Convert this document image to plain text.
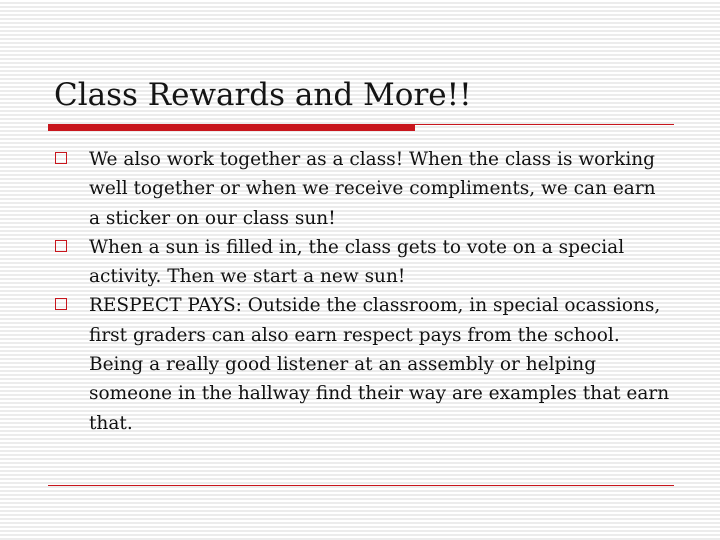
Class Rewards and More!!
We also work together as a class! When the class is working well together or when we receive compliments, we can earn a sticker on our class sun!
When a sun is filled in, the class gets to vote on a special activity. Then we start a new sun!
RESPECT PAYS: Outside the classroom, in special ocassions, first graders can also earn respect pays from the school. Being a really good listener at an assembly or helping someone in the hallway find their way are examples that earn that.
